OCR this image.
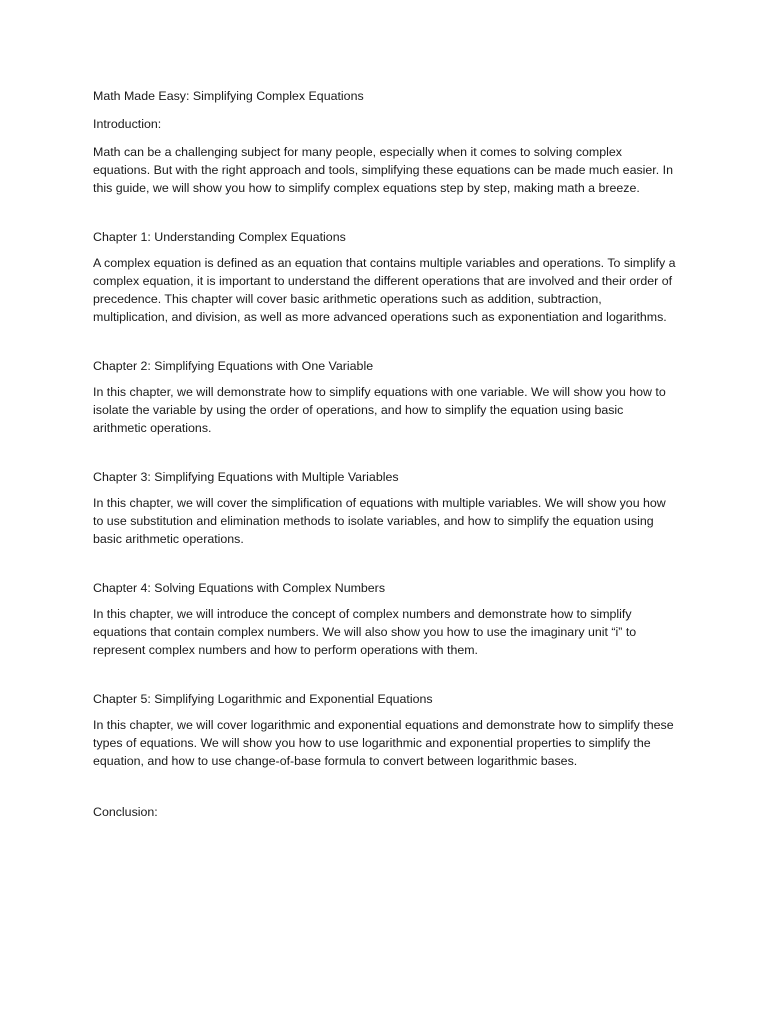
Math Made Easy: Simplifying Complex Equations

Introduction:

Math can be a challenging subject for many people, especially when it comes to solving complex equations. But with the right approach and tools, simplifying these equations can be made much easier. In this guide, we will show you how to simplify complex equations step by step, making math a breeze.

Chapter 1: Understanding Complex Equations

A complex equation is defined as an equation that contains multiple variables and operations. To simplify a complex equation, it is important to understand the different operations that are involved and their order of precedence. This chapter will cover basic arithmetic operations such as addition, subtraction, multiplication, and division, as well as more advanced operations such as exponentiation and logarithms.

Chapter 2: Simplifying Equations with One Variable

In this chapter, we will demonstrate how to simplify equations with one variable. We will show you how to isolate the variable by using the order of operations, and how to simplify the equation using basic arithmetic operations.

Chapter 3: Simplifying Equations with Multiple Variables

In this chapter, we will cover the simplification of equations with multiple variables. We will show you how to use substitution and elimination methods to isolate variables, and how to simplify the equation using basic arithmetic operations.

Chapter 4: Solving Equations with Complex Numbers

In this chapter, we will introduce the concept of complex numbers and demonstrate how to simplify equations that contain complex numbers. We will also show you how to use the imaginary unit “i” to represent complex numbers and how to perform operations with them.

Chapter 5: Simplifying Logarithmic and Exponential Equations

In this chapter, we will cover logarithmic and exponential equations and demonstrate how to simplify these types of equations. We will show you how to use logarithmic and exponential properties to simplify the equation, and how to use change-of-base formula to convert between logarithmic bases.

Conclusion:
